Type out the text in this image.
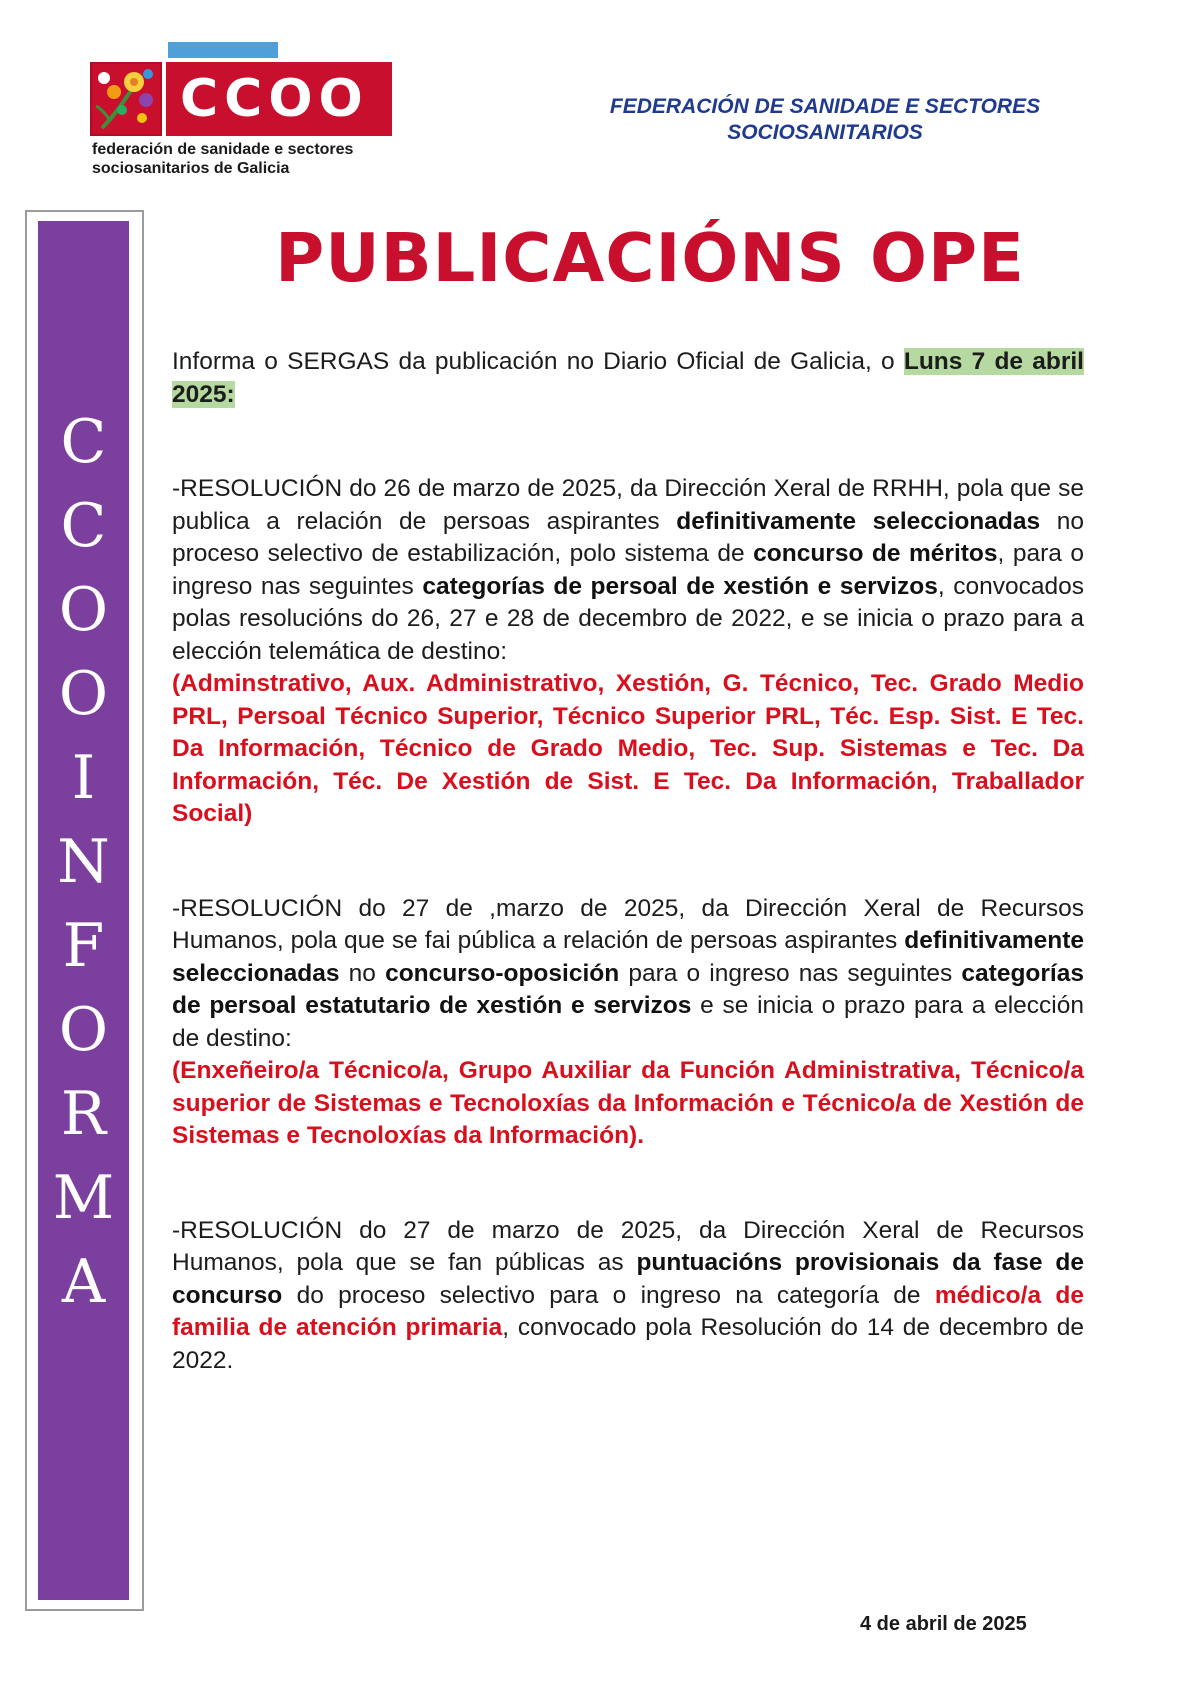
CCOO
federación de sanidade e sectores
sociosanitarios de Galicia
FEDERACIÓN DE SANIDADE E SECTORES
SOCIOSANITARIOS
C
C
O
O
I
N
F
O
R
M
A
PUBLICACIÓNS OPE

Informa o SERGAS da publicación no Diario Oficial de Galicia, o Luns 7 de abril 2025:

-RESOLUCIÓN do 26 de marzo de 2025, da Dirección Xeral de RRHH, pola que se publica a relación de persoas aspirantes definitivamente seleccionadas no proceso selectivo de estabilización, polo sistema de concurso de méritos, para o ingreso nas seguintes categorías de persoal de xestión e servizos, convocados polas resolucións do 26, 27 e 28 de decembro de 2022, e se inicia o prazo para a elección telemática de destino:
(Adminstrativo, Aux. Administrativo, Xestión, G. Técnico, Tec. Grado Medio PRL, Persoal Técnico Superior, Técnico Superior PRL, Téc. Esp. Sist. E Tec. Da Información, Técnico de Grado Medio, Tec. Sup. Sistemas e Tec. Da Información, Téc. De Xestión de Sist. E Tec. Da Información, Traballador Social)

-RESOLUCIÓN do 27 de ,marzo de 2025, da Dirección Xeral de Recursos Humanos, pola que se fai pública a relación de persoas aspirantes definitivamente seleccionadas no concurso-oposición para o ingreso nas seguintes categorías de persoal estatutario de xestión e servizos e se inicia o prazo para a elección de destino:
(Enxeñeiro/a Técnico/a, Grupo Auxiliar da Función Administrativa, Técnico/a superior de Sistemas e Tecnoloxías da Información e Técnico/a de Xestión de Sistemas e Tecnoloxías da Información).

-RESOLUCIÓN do 27 de marzo de 2025, da Dirección Xeral de Recursos Humanos, pola que se fan públicas as puntuacións provisionais da fase de concurso do proceso selectivo para o ingreso na categoría de médico/a de familia de atención primaria, convocado pola Resolución do 14 de decembro de 2022.

4 de abril de 2025
